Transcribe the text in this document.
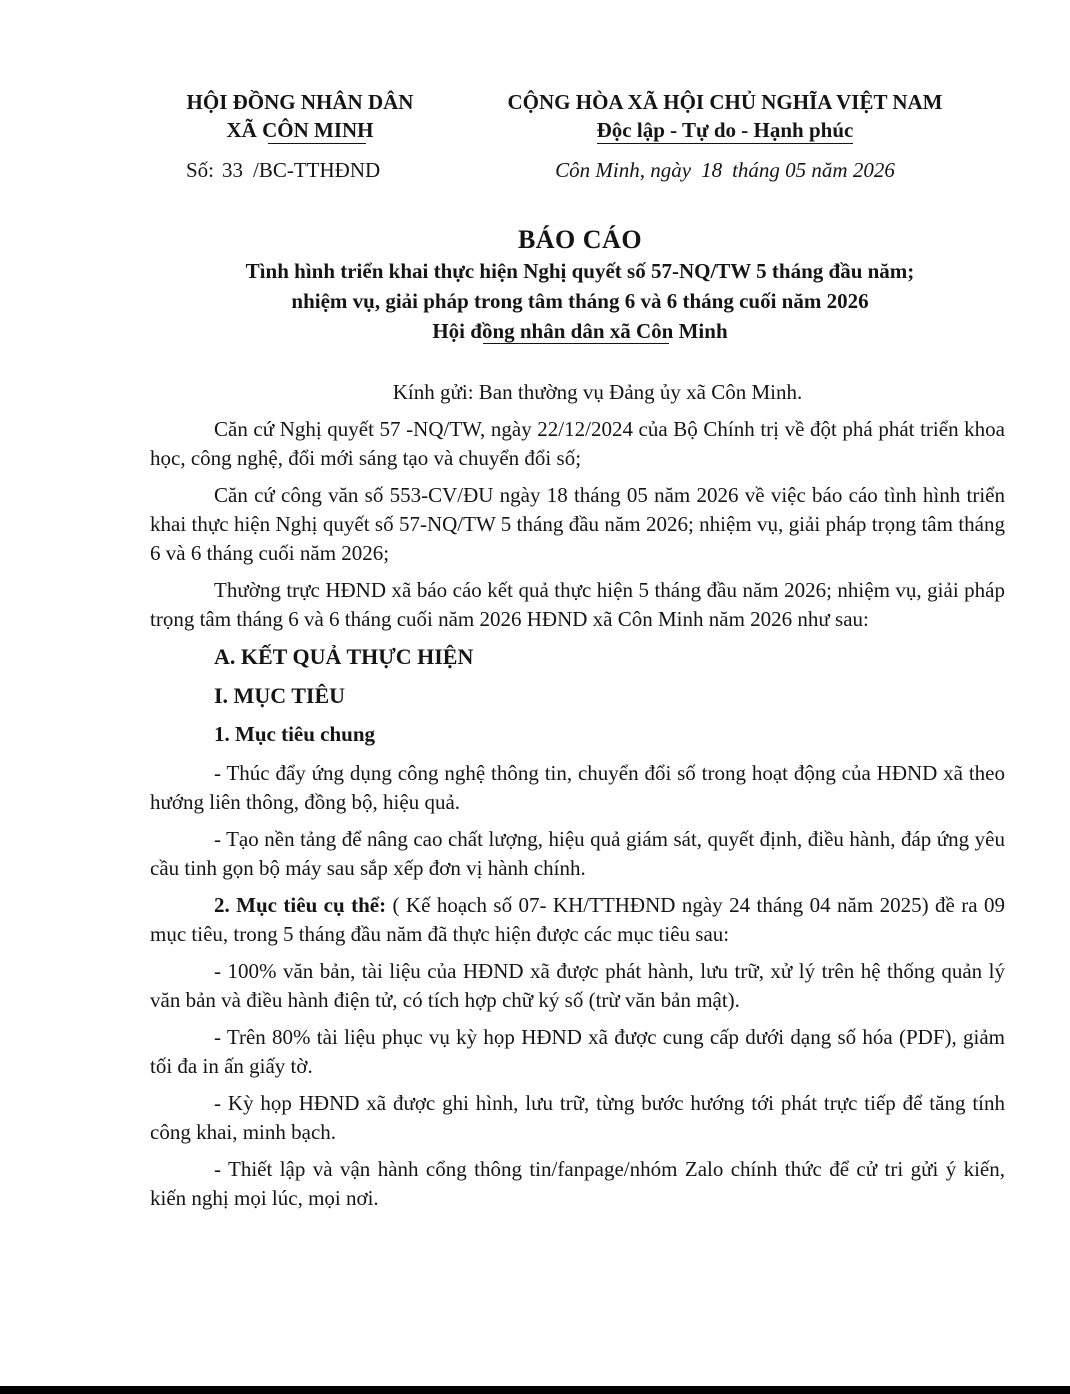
HỘI ĐỒNG NHÂN DÂN
XÃ CÔN MINH
CỘNG HÒA XÃ HỘI CHỦ NGHĨA VIỆT NAM
Độc lập - Tự do - Hạnh phúc
Số: 33 /BC-TTHĐND	Côn Minh, ngày 18 tháng 05 năm 2026
BÁO CÁO
Tình hình triển khai thực hiện Nghị quyết số 57-NQ/TW 5 tháng đầu năm;
nhiệm vụ, giải pháp trong tâm tháng 6 và 6 tháng cuối năm 2026
Hội đồng nhân dân xã Côn Minh

Kính gửi: Ban thường vụ Đảng ủy xã Côn Minh.

Căn cứ Nghị quyết 57 -NQ/TW, ngày 22/12/2024 của Bộ Chính trị về đột phá phát triển khoa học, công nghệ, đổi mới sáng tạo và chuyển đổi số;

Căn cứ công văn số 553-CV/ĐU ngày 18 tháng 05 năm 2026 về việc báo cáo tình hình triển khai thực hiện Nghị quyết số 57-NQ/TW 5 tháng đầu năm 2026; nhiệm vụ, giải pháp trọng tâm tháng 6 và 6 tháng cuối năm 2026;

Thường trực HĐND xã báo cáo kết quả thực hiện 5 tháng đầu năm 2026; nhiệm vụ, giải pháp trọng tâm tháng 6 và 6 tháng cuối năm 2026 HĐND xã Côn Minh năm 2026 như sau:

A. KẾT QUẢ THỰC HIỆN
I. MỤC TIÊU
1. Mục tiêu chung

- Thúc đẩy ứng dụng công nghệ thông tin, chuyển đổi số trong hoạt động của HĐND xã theo hướng liên thông, đồng bộ, hiệu quả.

- Tạo nền tảng để nâng cao chất lượng, hiệu quả giám sát, quyết định, điều hành, đáp ứng yêu cầu tinh gọn bộ máy sau sắp xếp đơn vị hành chính.

2. Mục tiêu cụ thể: ( Kế hoạch số 07- KH/TTHĐND ngày 24 tháng 04 năm 2025) đề ra 09 mục tiêu, trong 5 tháng đầu năm đã thực hiện được các mục tiêu sau:

- 100% văn bản, tài liệu của HĐND xã được phát hành, lưu trữ, xử lý trên hệ thống quản lý văn bản và điều hành điện tử, có tích hợp chữ ký số (trừ văn bản mật).

- Trên 80% tài liệu phục vụ kỳ họp HĐND xã được cung cấp dưới dạng số hóa (PDF), giảm tối đa in ấn giấy tờ.

- Kỳ họp HĐND xã được ghi hình, lưu trữ, từng bước hướng tới phát trực tiếp để tăng tính công khai, minh bạch.

- Thiết lập và vận hành cổng thông tin/fanpage/nhóm Zalo chính thức để cử tri gửi ý kiến, kiến nghị mọi lúc, mọi nơi.
